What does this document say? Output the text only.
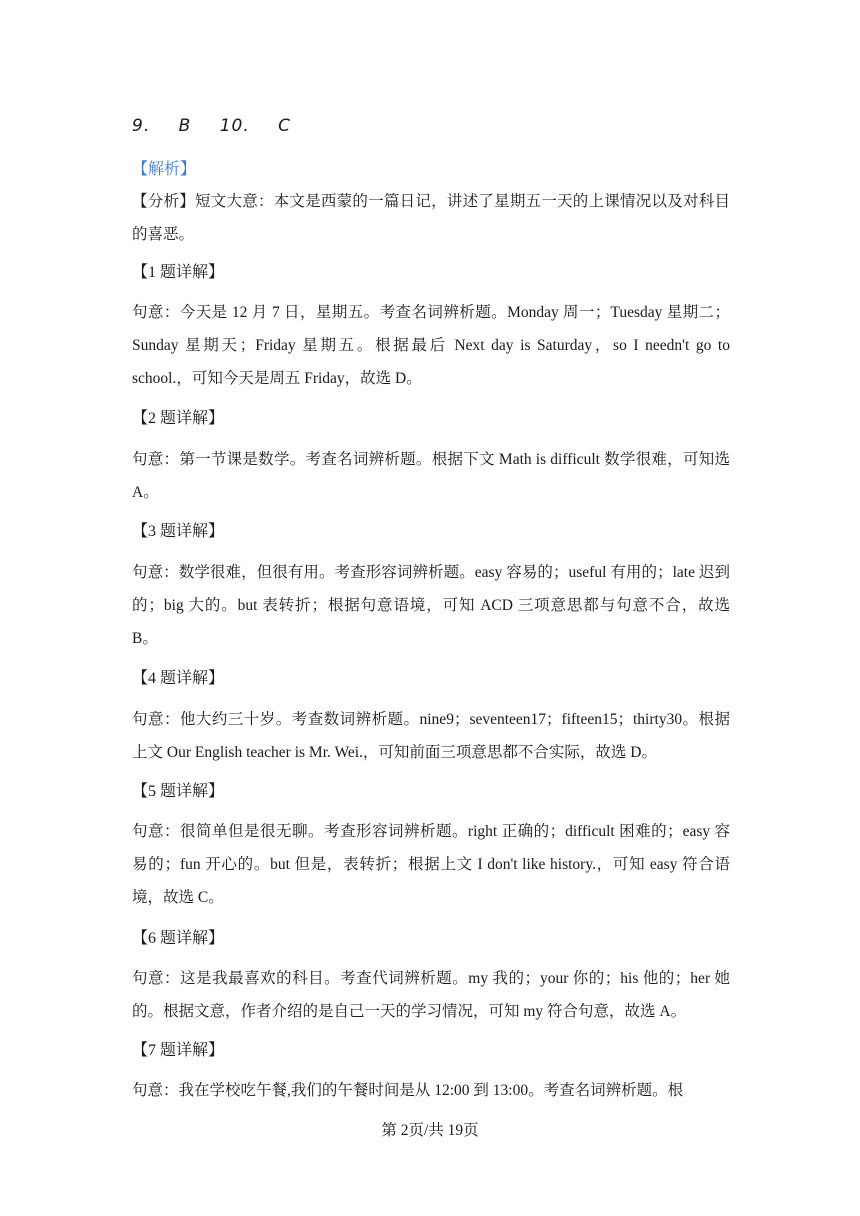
9. B 10. C
【解析】
【分析】短文大意：本文是西蒙的一篇日记，讲述了星期五一天的上课情况以及对科目的喜恶。
【1 题详解】
句意：今天是 12 月 7 日，星期五。考查名词辨析题。Monday 周一；Tuesday 星期二；Sunday 星期天；Friday 星期五。根据最后 Next day is Saturday，so I needn't go to school.，可知今天是周五 Friday，故选 D。
【2 题详解】
句意：第一节课是数学。考查名词辨析题。根据下文 Math is difficult 数学很难，可知选 A。
【3 题详解】
句意：数学很难，但很有用。考查形容词辨析题。easy 容易的；useful 有用的；late 迟到的；big 大的。but 表转折；根据句意语境，可知 ACD 三项意思都与句意不合，故选 B。
【4 题详解】
句意：他大约三十岁。考查数词辨析题。nine9；seventeen17；fifteen15；thirty30。根据上文 Our English teacher is Mr. Wei.，可知前面三项意思都不合实际，故选 D。
【5 题详解】
句意：很简单但是很无聊。考查形容词辨析题。right 正确的；difficult 困难的；easy 容易的；fun 开心的。but 但是，表转折；根据上文 I don't like history.，可知 easy 符合语境，故选 C。
【6 题详解】
句意：这是我最喜欢的科目。考查代词辨析题。my 我的；your 你的；his 他的；her 她的。根据文意，作者介绍的是自己一天的学习情况，可知 my 符合句意，故选 A。
【7 题详解】
句意：我在学校吃午餐,我们的午餐时间是从 12:00 到 13:00。考查名词辨析题。根
第 2页/共 19页
